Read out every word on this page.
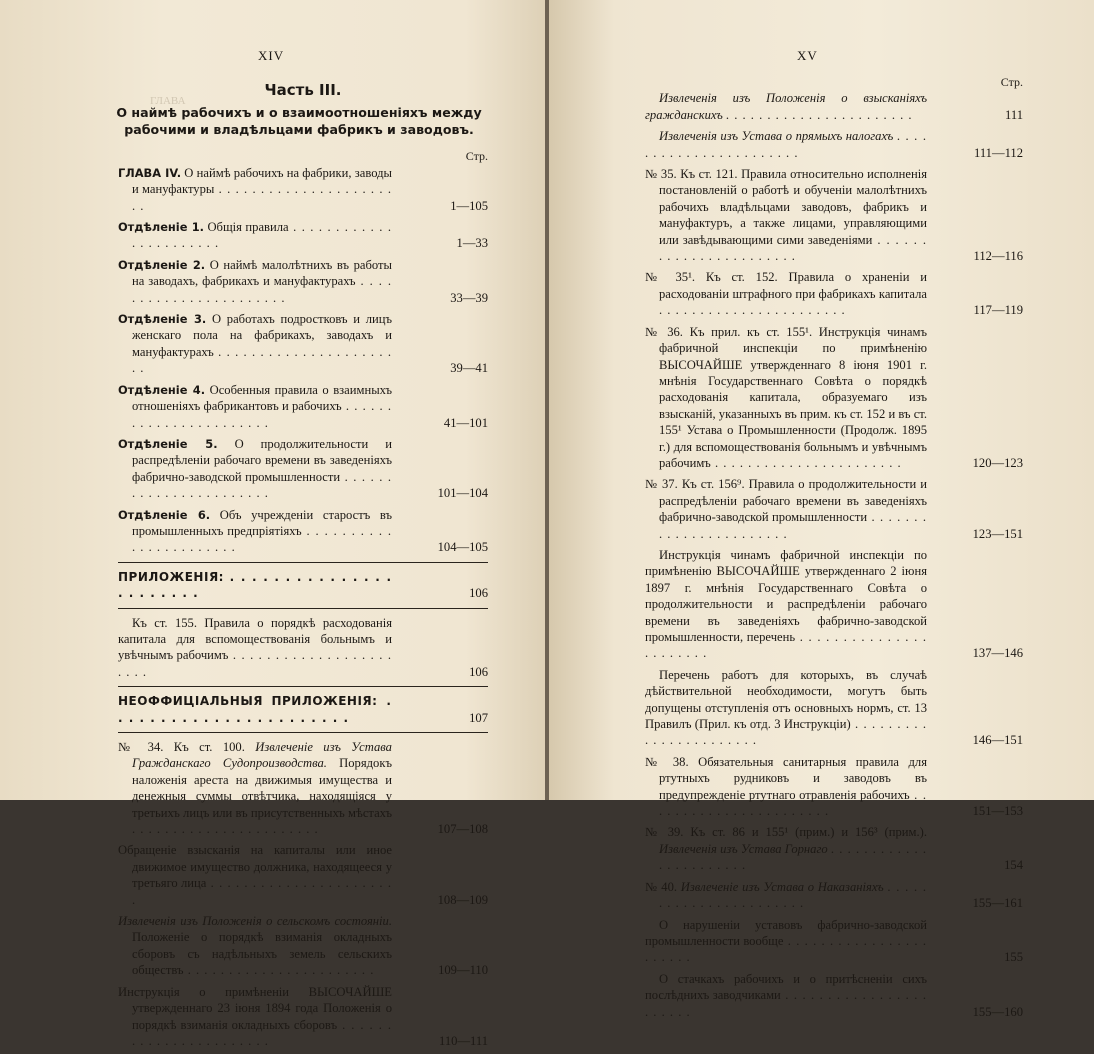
XIV

Часть III.

О наймѣ рабочихъ и о взаимоотношеніяхъ между рабочими и владѣльцами фабрикъ и заводовъ.

Стр.
ГЛАВА IV. О наймѣ рабочихъ на фабрики, заводы и мануфактуры . . .
1—105
Отдѣленіе 1. Общія правила . . .
1—33
Отдѣленіе 2. О наймѣ малолѣтнихъ въ работы на заводахъ, фабрикахъ и мануфактурахъ . . .
33—39
Отдѣленіе 3. О работахъ подростковъ и лицъ женскаго пола на фабрикахъ, заводахъ и мануфактурахъ . . .
39—41
Отдѣленіе 4. Особенныя правила о взаимныхъ отношеніяхъ фабрикантовъ и рабочихъ . . .
41—101
Отдѣленіе 5. О продолжительности и распредѣленіи рабочаго времени въ заведеніяхъ фабрично-заводской промышленности . . .
101—104
Отдѣленіе 6. Объ учрежденіи старостъ въ промышленныхъ предпріятіяхъ . . .
104—105
ПРИЛОЖЕНІЯ: . . .
106
Къ ст. 155. Правила о порядкѣ расходованія капитала для вспомоществованія больнымъ и увѣчнымъ рабочимъ . . .
106
НЕОФФИЦІАЛЬНЫЯ ПРИЛОЖЕНІЯ: . . .
107
№ 34. Къ ст. 100. Извлеченіе изъ Устава Гражданскаго Судопроизводства. Порядокъ наложенія ареста на движимыя имущества и денежныя суммы отвѣтчика, находящіяся у третьихъ лицъ или въ присутственныхъ мѣстахъ . . .
107—108
Обращеніе взысканія на капиталы или иное движимое имущество должника, находящееся у третьяго лица . . .
108—109
Извлеченія изъ Положенія о сельскомъ состояніи. Положеніе о порядкѣ взиманія окладныхъ сборовъ съ надѣльныхъ земель сельскихъ обществъ . . .	109—110
Инструкція о примѣненіи ВЫСОЧАЙШЕ утвержденнаго 23 іюня 1894 года Положенія о порядкѣ взиманія окладныхъ сборовъ . . .
110—111
ГЛАВА
XV
Стр.
Извлеченія изъ Положенія о взысканіяхъ гражданскихъ . . .	111
Извлеченія изъ Устава о прямыхъ налогахъ . . .
111—112
№ 35. Къ ст. 121. Правила относительно исполненія постановленій о работѣ и обученіи малолѣтнихъ рабочихъ владѣльцами заводовъ, фабрикъ и мануфактуръ, а также лицами, управляющими или завѣдывающими сими заведеніями . . .
112—116
№ 35¹. Къ ст. 152. Правила о храненіи и расходованіи штрафного при фабрикахъ капитала . . .
117—119
№ 36. Къ прил. къ ст. 155¹. Инструкція чинамъ фабричной инспекціи по примѣненію ВЫСОЧАЙШЕ утвержденнаго 8 іюня 1901 г. мнѣнія Государственнаго Совѣта о порядкѣ расходованія капитала, образуемаго изъ взысканій, указанныхъ въ прим. къ ст. 152 и въ ст. 155¹ Устава о Промышленности (Продолж. 1895 г.) для вспомоществованія больнымъ и увѣчнымъ рабочимъ . . .	120—123
№ 37. Къ ст. 156⁹. Правила о продолжительности и распредѣленіи рабочаго времени въ заведеніяхъ фабрично-заводской промышленности . . .
123—151
Инструкція чинамъ фабричной инспекціи по примѣненію ВЫСОЧАЙШЕ утвержденнаго 2 іюня 1897 г. мнѣнія Государственнаго Совѣта о продолжительности и распредѣленіи рабочаго времени въ заведеніяхъ фабрично-заводской промышленности, перечень . . .
137—146
Перечень работъ для которыхъ, въ случаѣ дѣйствительной необходимости, могутъ быть допущены отступленія отъ основныхъ нормъ, ст. 13 Правилъ (Прил. къ отд. 3 Инструкціи) . . .
146—151
№ 38. Обязательныя санитарныя правила для ртутныхъ рудниковъ и заводовъ въ предупрежденіе ртутнаго отравленія рабочихъ . . .
151—153
№ 39. Къ ст. 86 и 155¹ (прим.) и 156³ (прим.). Извлеченія изъ Устава Горнаго . . .
154
№ 40. Извлеченіе изъ Устава о Наказаніяхъ . . .
155—161
О нарушеніи уставовъ фабрично-заводской промышленности вообще . . .
155
О стачкахъ рабочихъ и о притѣсненіи сихъ послѣднихъ заводчиками . . .
155—160
